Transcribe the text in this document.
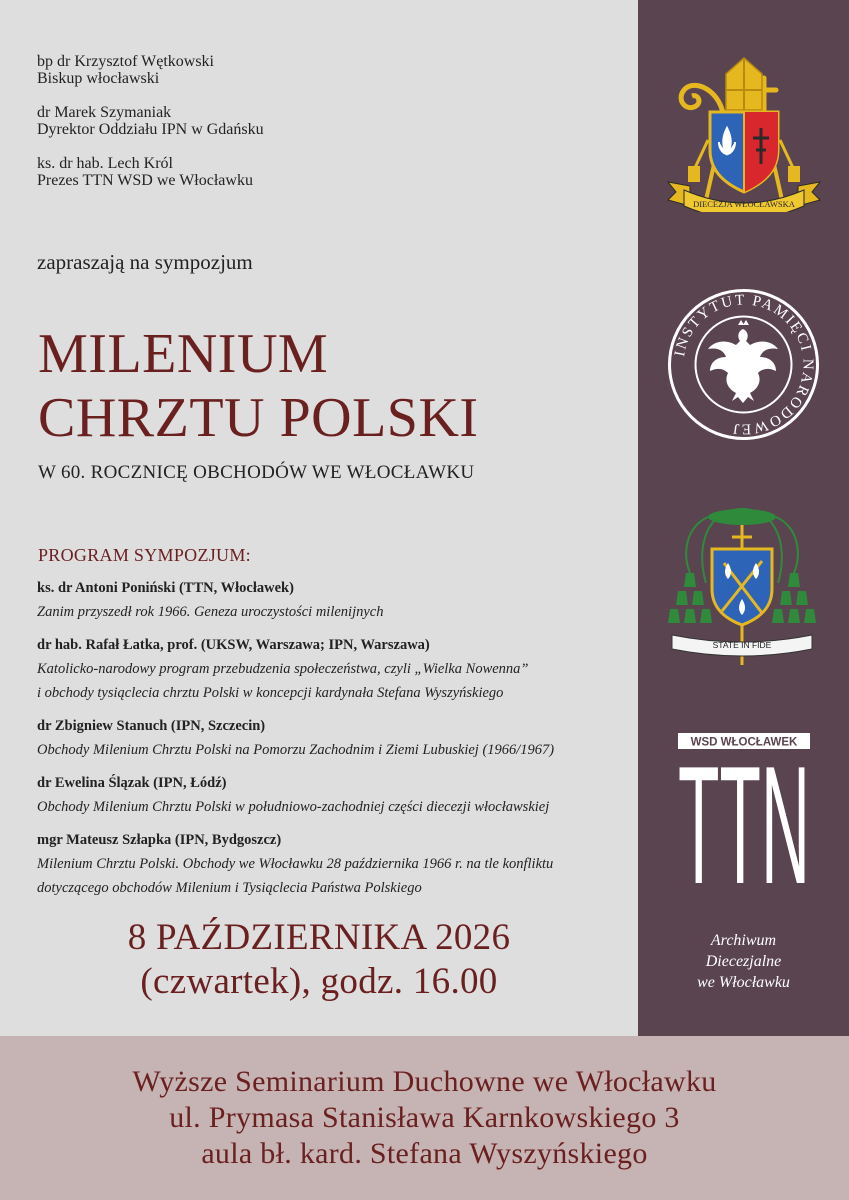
bp dr Krzysztof Wętkowski
Biskup włocławski
dr Marek Szymaniak
Dyrektor Oddziału IPN w Gdańsku
ks. dr hab. Lech Król
Prezes TTN WSD we Włocławku
zapraszają na sympozjum
MILENIUM
CHRZTU POLSKI
W 60. ROCZNICĘ OBCHODÓW WE WŁOCŁAWKU
PROGRAM SYMPOZJUM:
ks. dr Antoni Poniński (TTN, Włocławek)
Zanim przyszedł rok 1966. Geneza uroczystości milenijnych
dr hab. Rafał Łatka, prof. (UKSW, Warszawa; IPN, Warszawa)
Katolicko-narodowy program przebudzenia społeczeństwa, czyli „Wielka Nowenna”
i obchody tysiąclecia chrztu Polski w koncepcji kardynała Stefana Wyszyńskiego
dr Zbigniew Stanuch (IPN, Szczecin)
Obchody Milenium Chrztu Polski na Pomorzu Zachodnim i Ziemi Lubuskiej (1966/1967)
dr Ewelina Ślązak (IPN, Łódź)
Obchody Milenium Chrztu Polski w południowo-zachodniej części diecezji włocławskiej
mgr Mateusz Szłapka (IPN, Bydgoszcz)
Milenium Chrztu Polski. Obchody we Włocławku 28 października 1966 r. na tle konfliktu
dotyczącego obchodów Milenium i Tysiąclecia Państwa Polskiego
8 PAŹDZIERNIKA 2026
(czwartek), godz. 16.00
DIECEZJA WŁOCŁAWSKA
INSTYTUT PAMIĘCI NARODOWEJ
STATE IN FIDE
WSD WŁOCŁAWEK
TTN
Archiwum
Diecezjalne
we Włocławku
Wyższe Seminarium Duchowne we Włocławku
ul. Prymasa Stanisława Karnkowskiego 3
aula bł. kard. Stefana Wyszyńskiego
